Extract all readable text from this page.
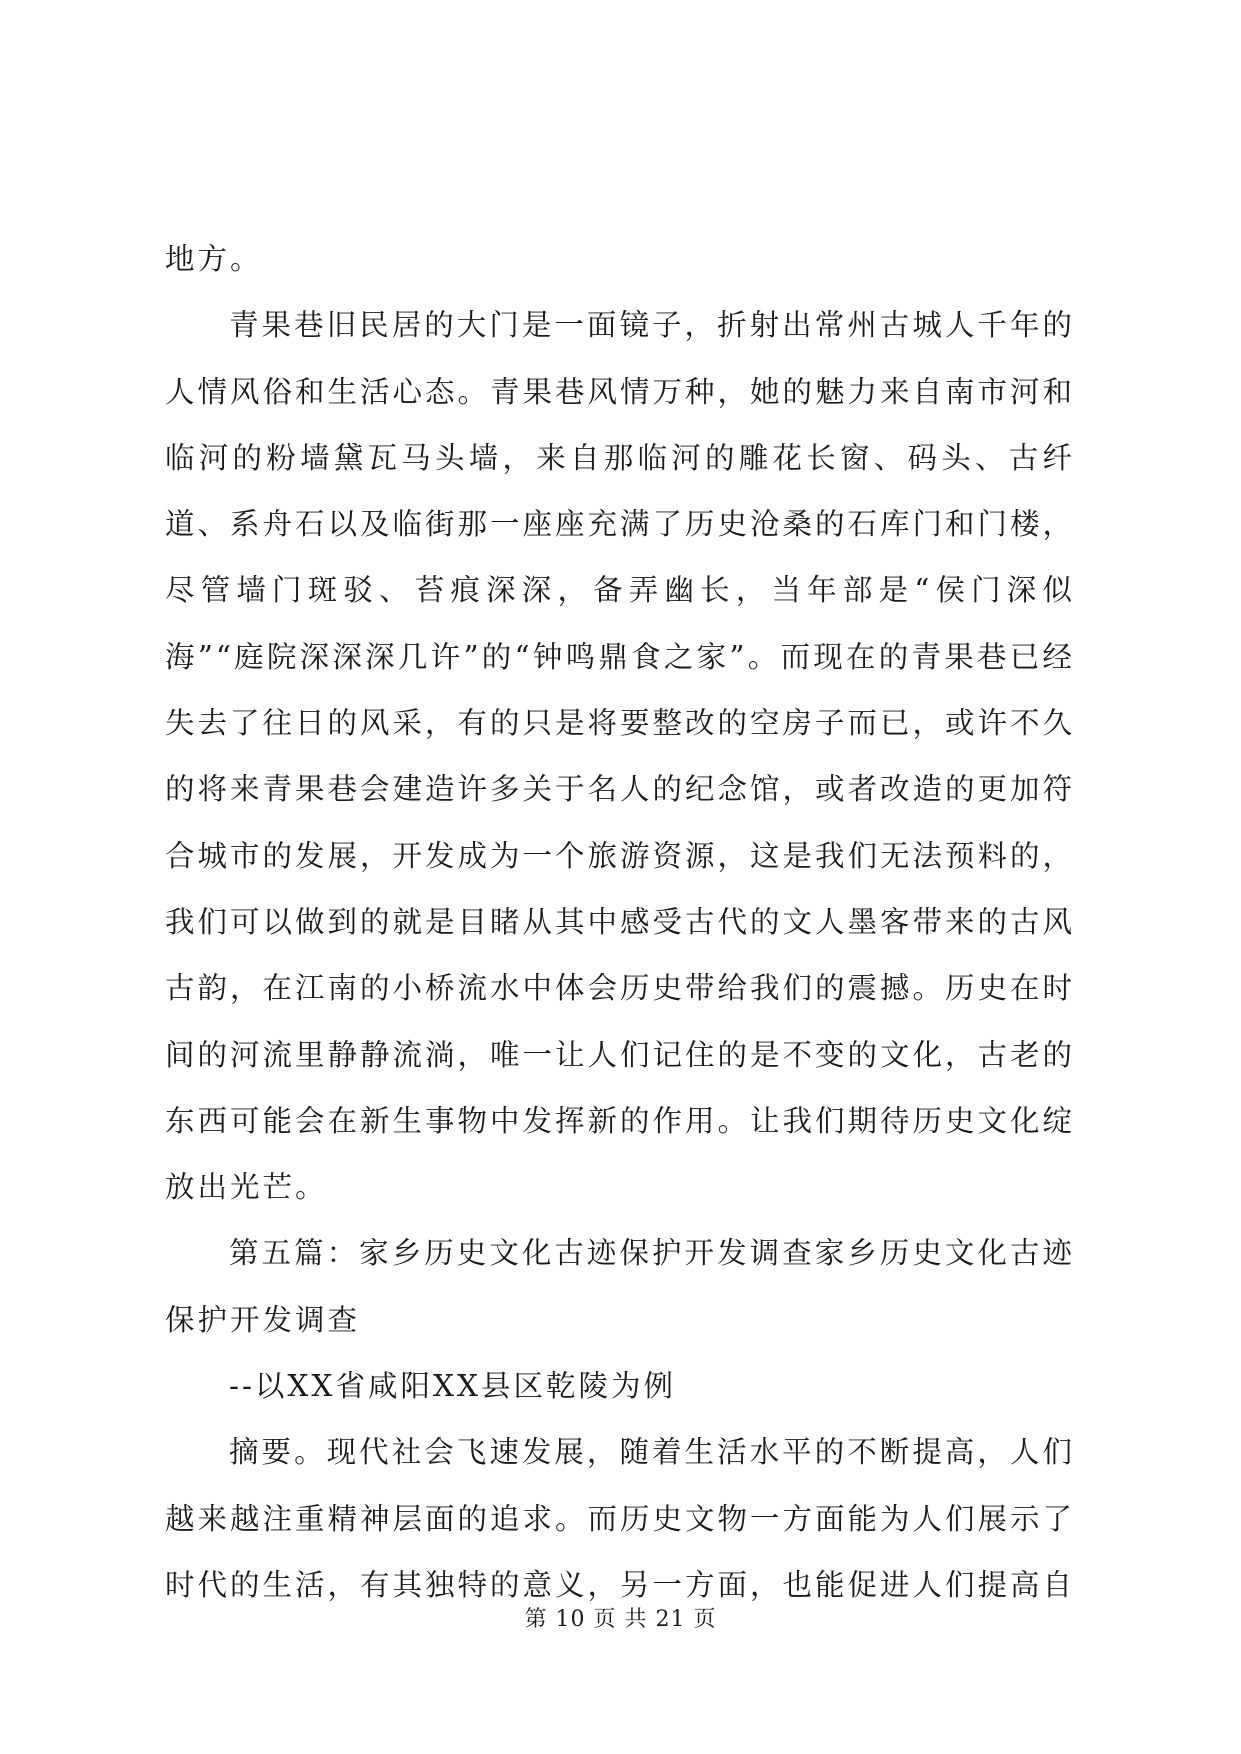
地方。

青果巷旧民居的大门是一面镜子，折射出常州古城人千年的人情风俗和生活心态。青果巷风情万种，她的魅力来自南市河和临河的粉墙黛瓦马头墙，来自那临河的雕花长窗、码头、古纤道、系舟石以及临街那一座座充满了历史沧桑的石库门和门楼，尽管墙门斑驳、苔痕深深，备弄幽长，当年部是“侯门深似海”“庭院深深深几许”的“钟鸣鼎食之家”。而现在的青果巷已经失去了往日的风采，有的只是将要整改的空房子而已，或许不久的将来青果巷会建造许多关于名人的纪念馆，或者改造的更加符合城市的发展，开发成为一个旅游资源，这是我们无法预料的，我们可以做到的就是目睹从其中感受古代的文人墨客带来的古风古韵，在江南的小桥流水中体会历史带给我们的震撼。历史在时间的河流里静静流淌，唯一让人们记住的是不变的文化，古老的东西可能会在新生事物中发挥新的作用。让我们期待历史文化绽放出光芒。

第五篇：家乡历史文化古迹保护开发调查家乡历史文化古迹保护开发调查

--以XX省咸阳XX县区乾陵为例

摘要。现代社会飞速发展，随着生活水平的不断提高，人们越来越注重精神层面的追求。而历史文物一方面能为人们展示了时代的生活，有其独特的意义，另一方面，也能促进人们提高自

第 10 页 共 21 页
